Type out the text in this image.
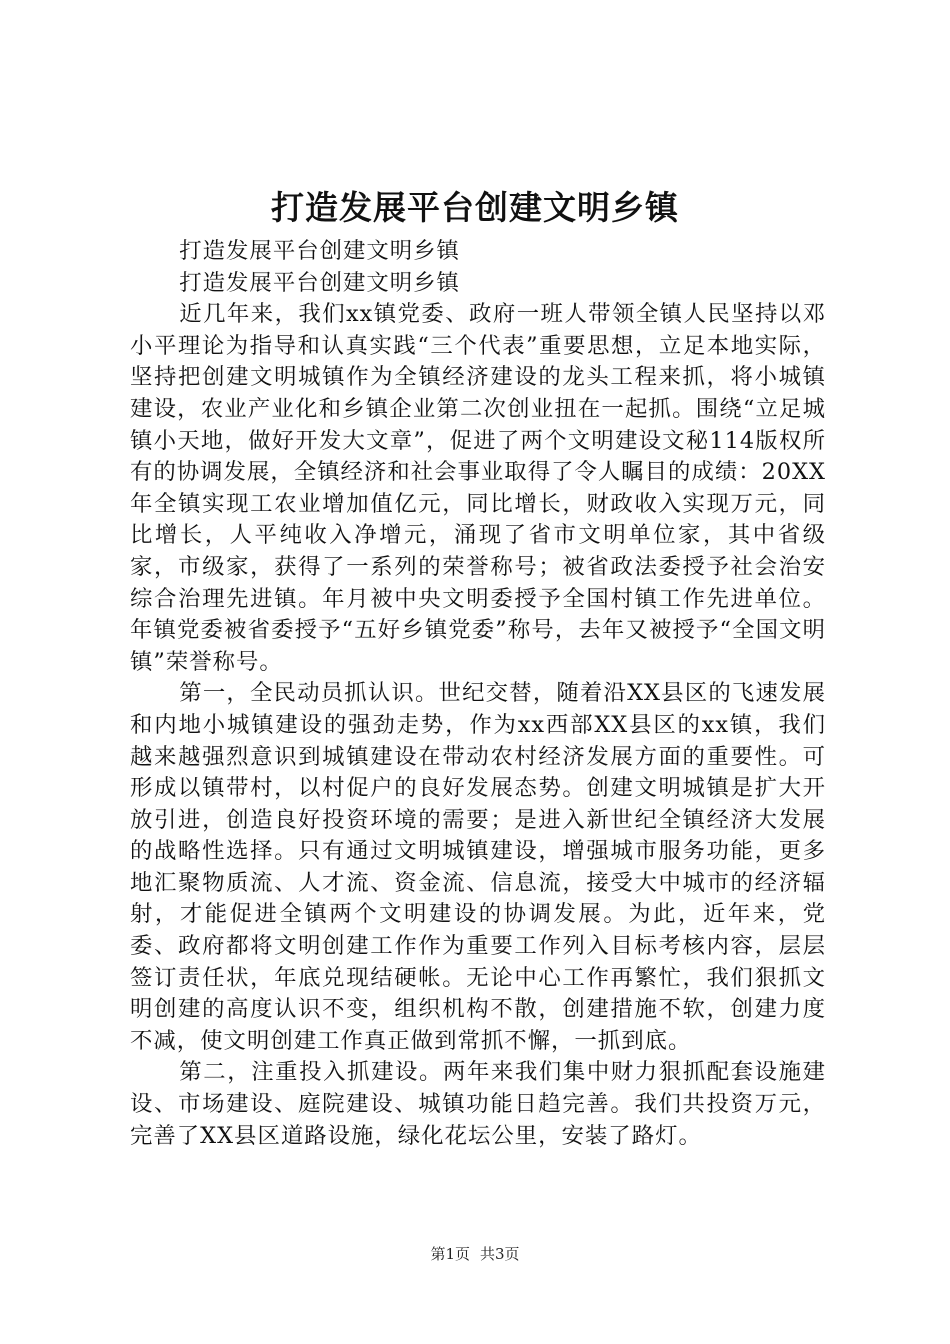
打造发展平台创建文明乡镇

打造发展平台创建文明乡镇

打造发展平台创建文明乡镇

近几年来，我们xx镇党委、政府一班人带领全镇人民坚持以邓小平理论为指导和认真实践“三个代表”重要思想，立足本地实际，坚持把创建文明城镇作为全镇经济建设的龙头工程来抓，将小城镇建设，农业产业化和乡镇企业第二次创业扭在一起抓。围绕“立足城镇小天地，做好开发大文章”，促进了两个文明建设文秘114版权所有的协调发展，全镇经济和社会事业取得了令人瞩目的成绩：20XX年全镇实现工农业增加值亿元，同比增长，财政收入实现万元，同比增长，人平纯收入净增元，涌现了省市文明单位家，其中省级家，市级家，获得了一系列的荣誉称号；被省政法委授予社会治安综合治理先进镇。年月被中央文明委授予全国村镇工作先进单位。年镇党委被省委授予“五好乡镇党委”称号，去年又被授予“全国文明镇”荣誉称号。

第一，全民动员抓认识。世纪交替，随着沿XX县区的飞速发展和内地小城镇建设的强劲走势，作为xx西部XX县区的xx镇，我们越来越强烈意识到城镇建设在带动农村经济发展方面的重要性。可形成以镇带村，以村促户的良好发展态势。创建文明城镇是扩大开放引进，创造良好投资环境的需要；是进入新世纪全镇经济大发展的战略性选择。只有通过文明城镇建设，增强城市服务功能，更多地汇聚物质流、人才流、资金流、信息流，接受大中城市的经济辐射，才能促进全镇两个文明建设的协调发展。为此，近年来，党委、政府都将文明创建工作作为重要工作列入目标考核内容，层层签订责任状，年底兑现结硬帐。无论中心工作再繁忙，我们狠抓文明创建的高度认识不变，组织机构不散，创建措施不软，创建力度不减，使文明创建工作真正做到常抓不懈，一抓到底。

第二，注重投入抓建设。两年来我们集中财力狠抓配套设施建设、市场建设、庭院建设、城镇功能日趋完善。我们共投资万元，完善了XX县区道路设施，绿化花坛公里，安装了路灯。

第1页 共3页
